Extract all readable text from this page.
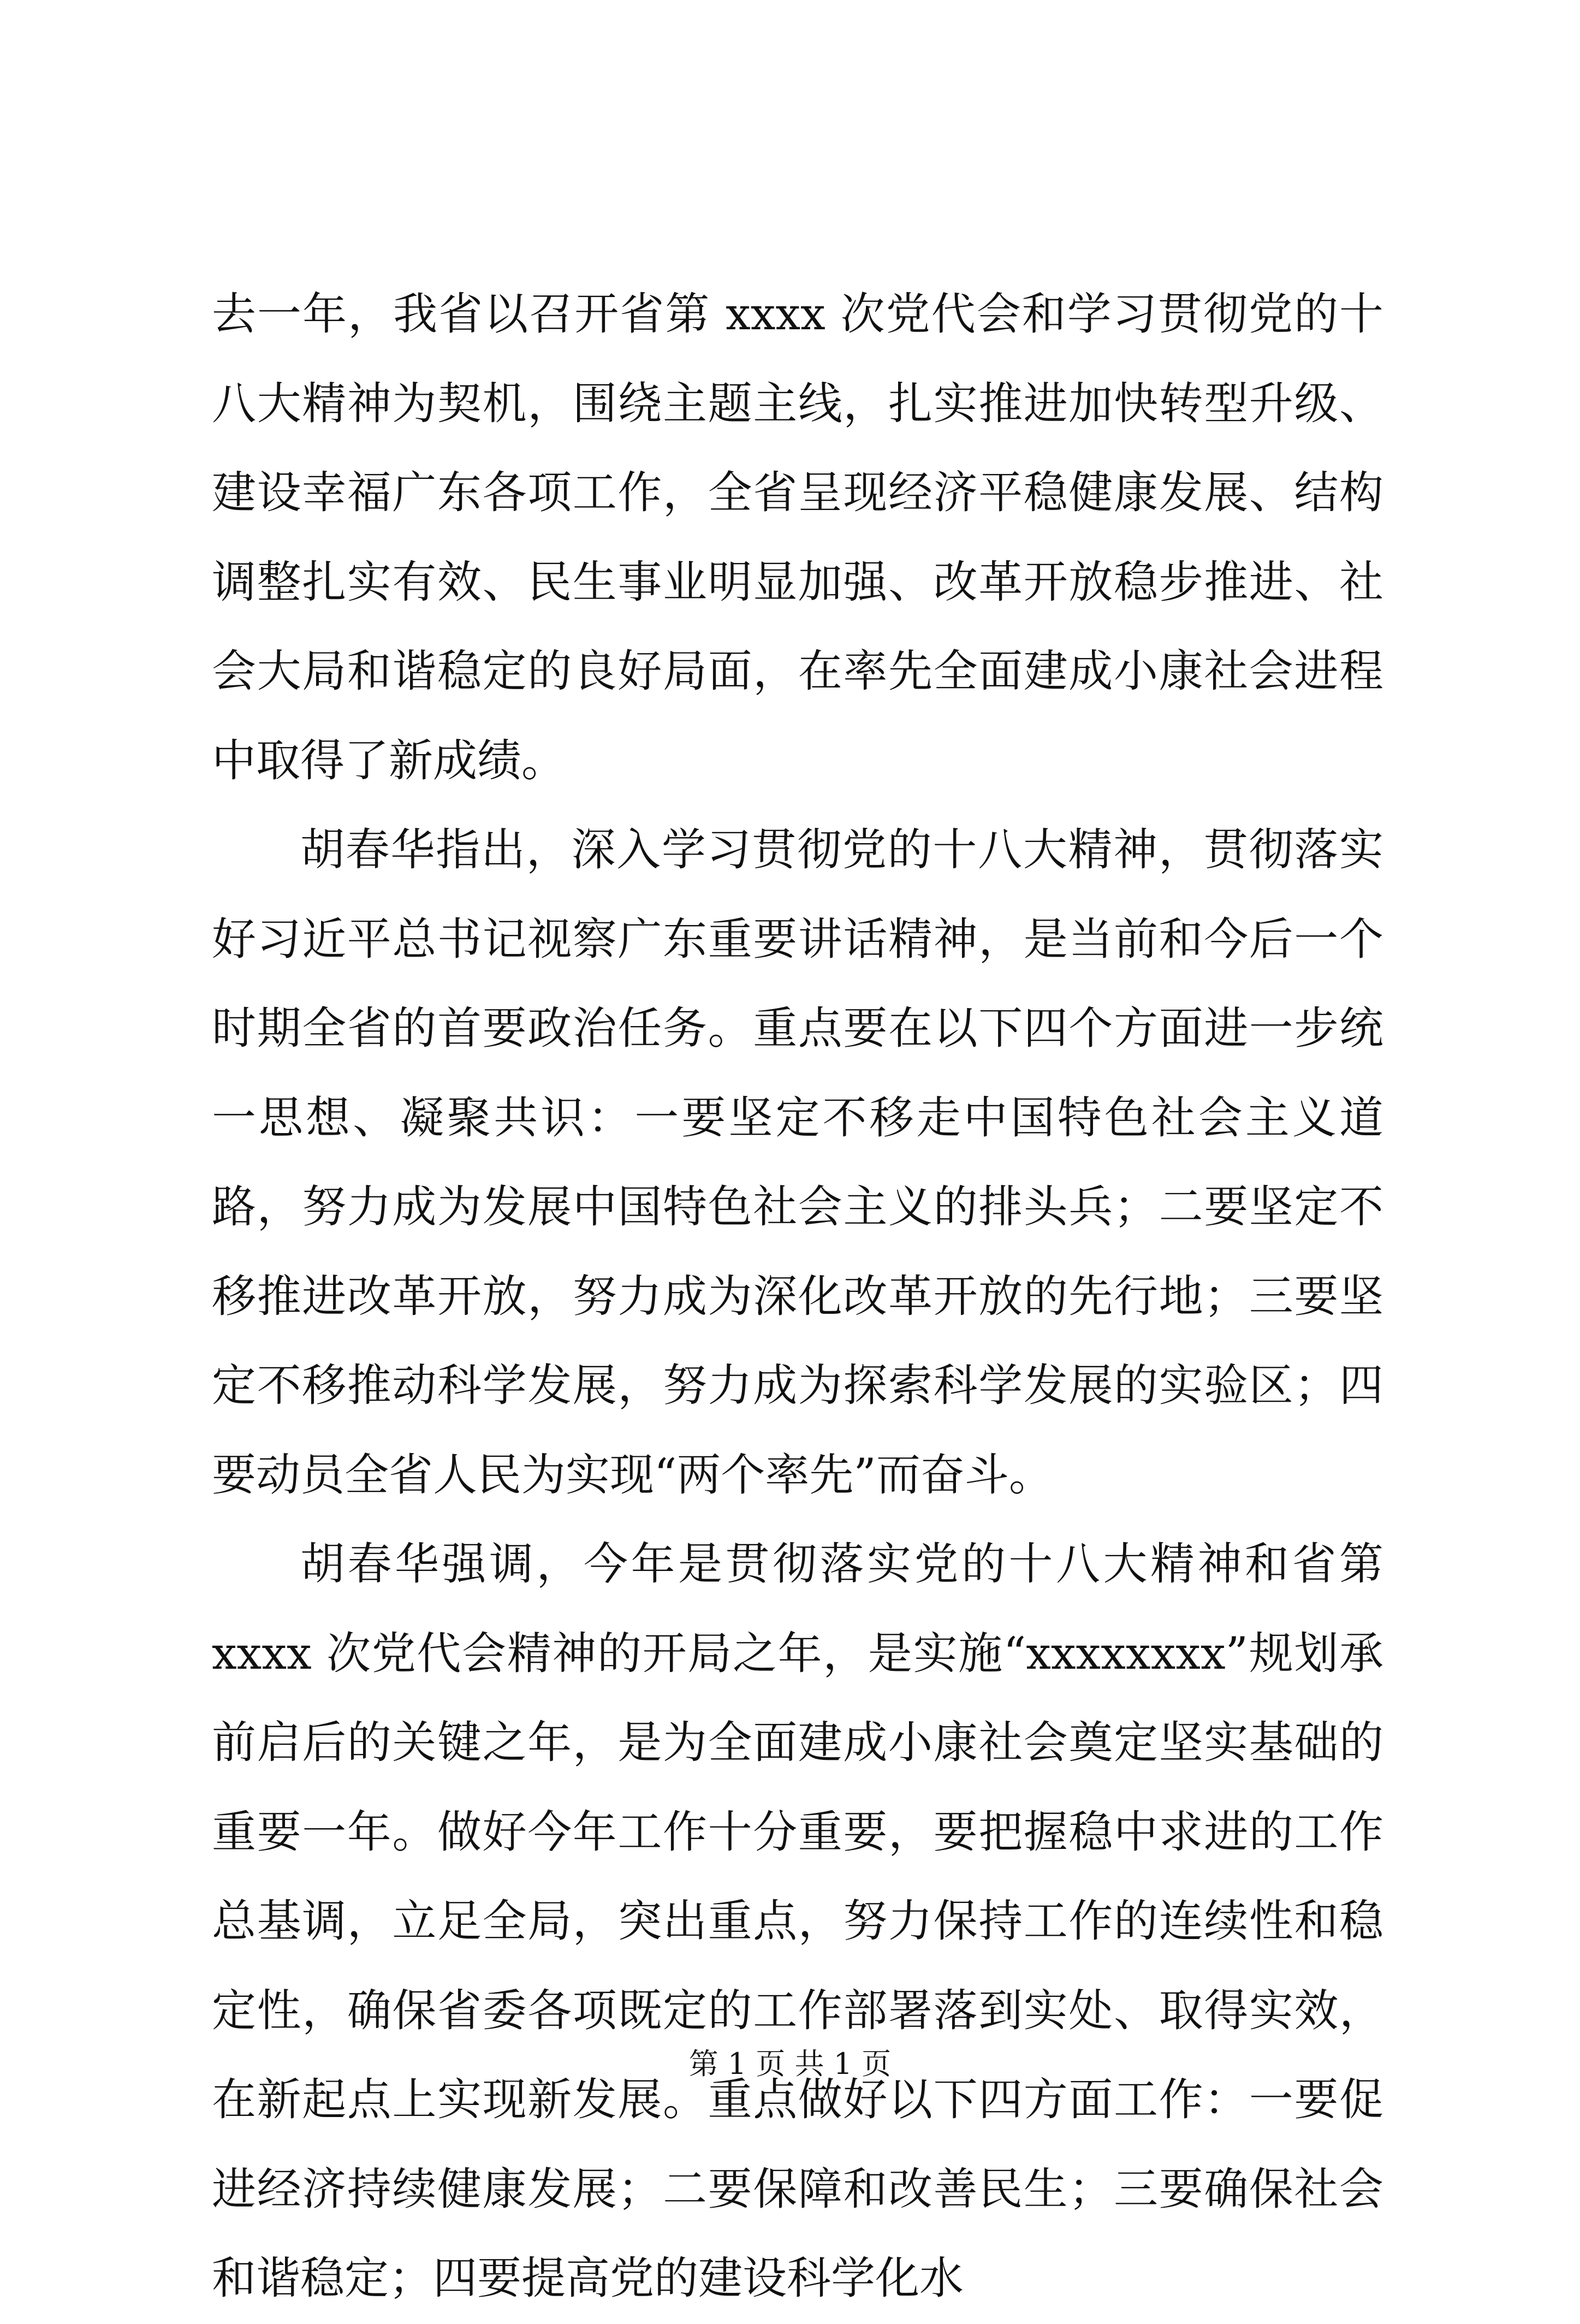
去一年，我省以召开省第 xxxx 次党代会和学习贯彻党的十八大精神为契机，围绕主题主线，扎实推进加快转型升级、建设幸福广东各项工作，全省呈现经济平稳健康发展、结构调整扎实有效、民生事业明显加强、改革开放稳步推进、社会大局和谐稳定的良好局面，在率先全面建成小康社会进程中取得了新成绩。

胡春华指出，深入学习贯彻党的十八大精神，贯彻落实好习近平总书记视察广东重要讲话精神，是当前和今后一个时期全省的首要政治任务。重点要在以下四个方面进一步统一思想、凝聚共识：一要坚定不移走中国特色社会主义道路，努力成为发展中国特色社会主义的排头兵；二要坚定不移推进改革开放，努力成为深化改革开放的先行地；三要坚定不移推动科学发展，努力成为探索科学发展的实验区；四要动员全省人民为实现“两个率先”而奋斗。

胡春华强调，今年是贯彻落实党的十八大精神和省第 xxxx 次党代会精神的开局之年，是实施“xxxxxxxx”规划承前启后的关键之年，是为全面建成小康社会奠定坚实基础的重要一年。做好今年工作十分重要，要把握稳中求进的工作总基调，立足全局，突出重点，努力保持工作的连续性和稳定性，确保省委各项既定的工作部署落到实处、取得实效，在新起点上实现新发展。重点做好以下四方面工作：一要促进经济持续健康发展；二要保障和改善民生；三要确保社会和谐稳定；四要提高党的建设科学化水

第 1 页 共 1 页
